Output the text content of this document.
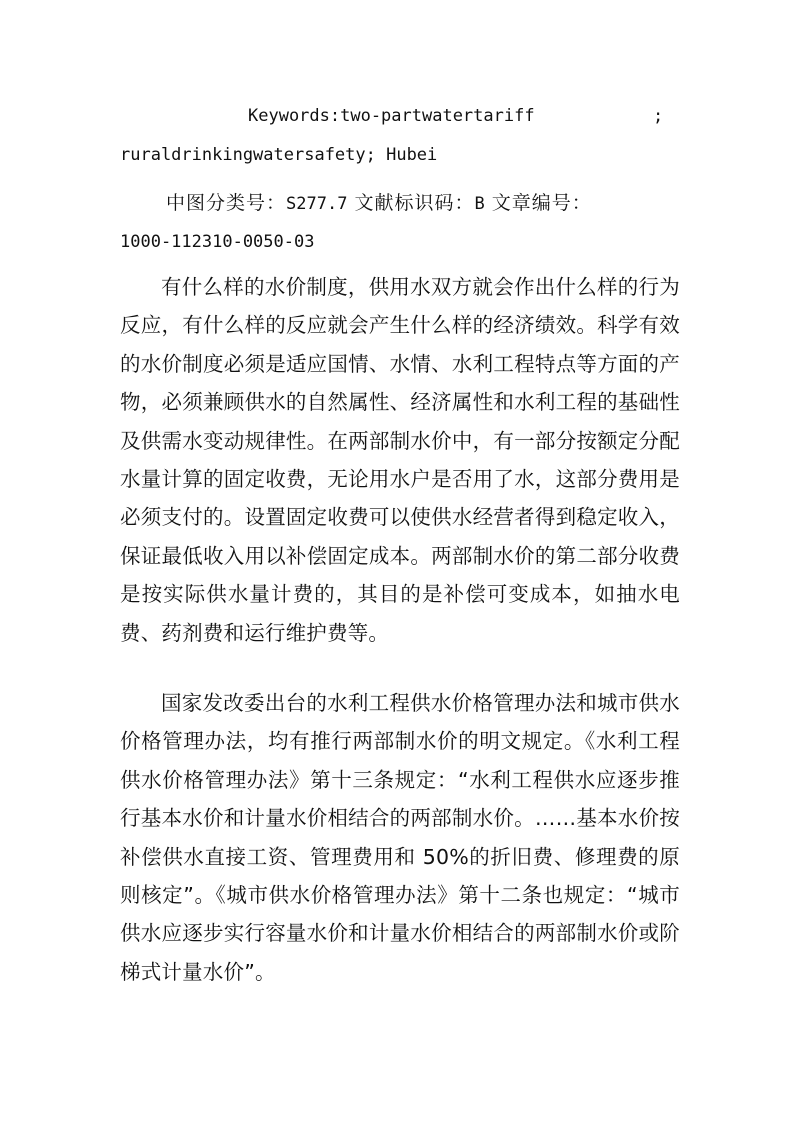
Keywords:two-partwatertariff	;
ruraldrinkingwatersafety; Hubei
中图分类号：S277.7 文献标识码：B 文章编号：
1000-112310-0050-03

有什么样的水价制度，供用水双方就会作出什么样的行为反应，有什么样的反应就会产生什么样的经济绩效。科学有效的水价制度必须是适应国情、水情、水利工程特点等方面的产物，必须兼顾供水的自然属性、经济属性和水利工程的基础性及供需水变动规律性。在两部制水价中，有一部分按额定分配水量计算的固定收费，无论用水户是否用了水，这部分费用是必须支付的。设置固定收费可以使供水经营者得到稳定收入，保证最低收入用以补偿固定成本。两部制水价的第二部分收费是按实际供水量计费的，其目的是补偿可变成本，如抽水电费、药剂费和运行维护费等。

国家发改委出台的水利工程供水价格管理办法和城市供水价格管理办法，均有推行两部制水价的明文规定。《水利工程供水价格管理办法》第十三条规定：“水利工程供水应逐步推行基本水价和计量水价相结合的两部制水价。……基本水价按补偿供水直接工资、管理费用和 50%的折旧费、修理费的原则核定”。《城市供水价格管理办法》第十二条也规定：“城市供水应逐步实行容量水价和计量水价相结合的两部制水价或阶梯式计量水价”。
